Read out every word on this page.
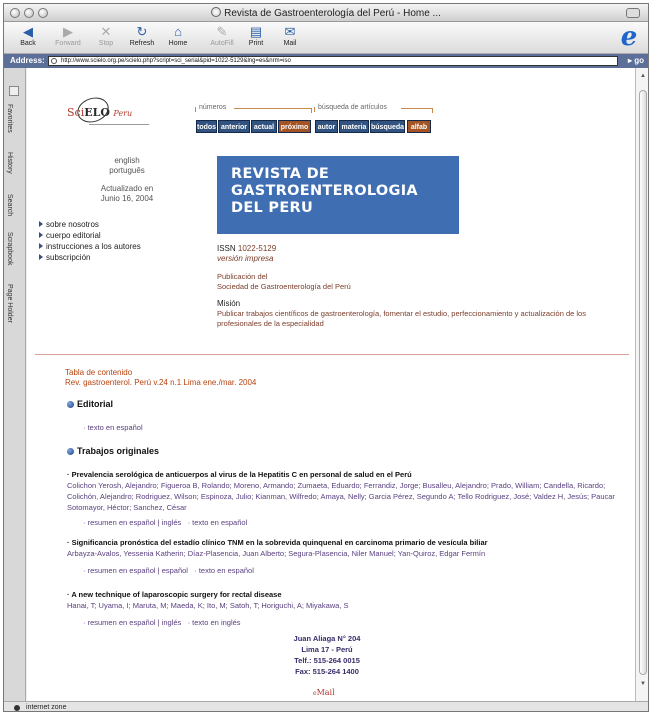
Revista de Gastroenterología del Perú - Home ...
◀
Back
▶
Forward
✕
Stop
↻
Refresh
⌂
Home
✎
AutoFill
▤
Print
✉
Mail	e
Address:	http://www.scielo.org.pe/scielo.php?script=sci_serial&pid=1022-5129&lng=es&nrm=iso	▸ go
Favorites
History
Search
Scrapbook
Page Holder
SciELO Peru
números	búsqueda de artículos
todos anterior actual próximo	autor materia búsqueda alfab
english
português
Actualizado en
Junio 16, 2004
sobre nosotros
cuerpo editorial
instrucciones a los autores
subscripción
REVISTA DE
GASTROENTEROLOGIA
DEL PERU
ISSN 1022-5129
versión impresa
Publicación del
Sociedad de Gastroenterología del Perú
Misión
Publicar trabajos científicos de gastroenterología, fomentar el estudio, perfeccionamiento y actualización de los profesionales de la especialidad
Tabla de contenido
Rev. gastroenterol. Perú v.24 n.1 Lima ene./mar. 2004
Editorial
· texto en español
Trabajos originales
· Prevalencia serológica de anticuerpos al virus de la Hepatitis C en personal de salud en el Perú
Colichon Yerosh, Alejandro; Figueroa B, Rolando; Moreno, Armando; Zumaeta, Eduardo; Ferrandiz, Jorge; Busalleu, Alejandro; Prado, William; Candella, Ricardo; Colichón, Alejandro; Rodriguez, Wilson; Espinoza, Julio; Kianman, Wilfredo; Amaya, Nelly; Garcia Pérez, Segundo A; Tello Rodriguez, José; Valdez H, Jesús; Paucar Sotomayor, Héctor; Sanchez, César
· resumen en español | inglés · texto en español
· Significancia pronóstica del estadío clínico TNM en la sobrevida quinquenal en carcinoma primario de vesícula biliar
Arbayza-Avalos, Yessenia Katherin; Díaz-Plasencia, Juan Alberto; Segura-Plasencia, Niler Manuel; Yan-Quiroz, Edgar Fermín
· resumen en español | español · texto en español
· A new technique of laparoscopic surgery for rectal disease
Hanai, T; Uyama, I; Maruta, M; Maeda, K; Ito, M; Satoh, T; Horiguchi, A; Miyakawa, S
· resumen en español | inglés · texto en inglés
Juan Aliaga N° 204
Lima 17 - Perú
Telf.: 515-264 0015
Fax: 515-264 1400
eMail
▲
▼
internet zone
